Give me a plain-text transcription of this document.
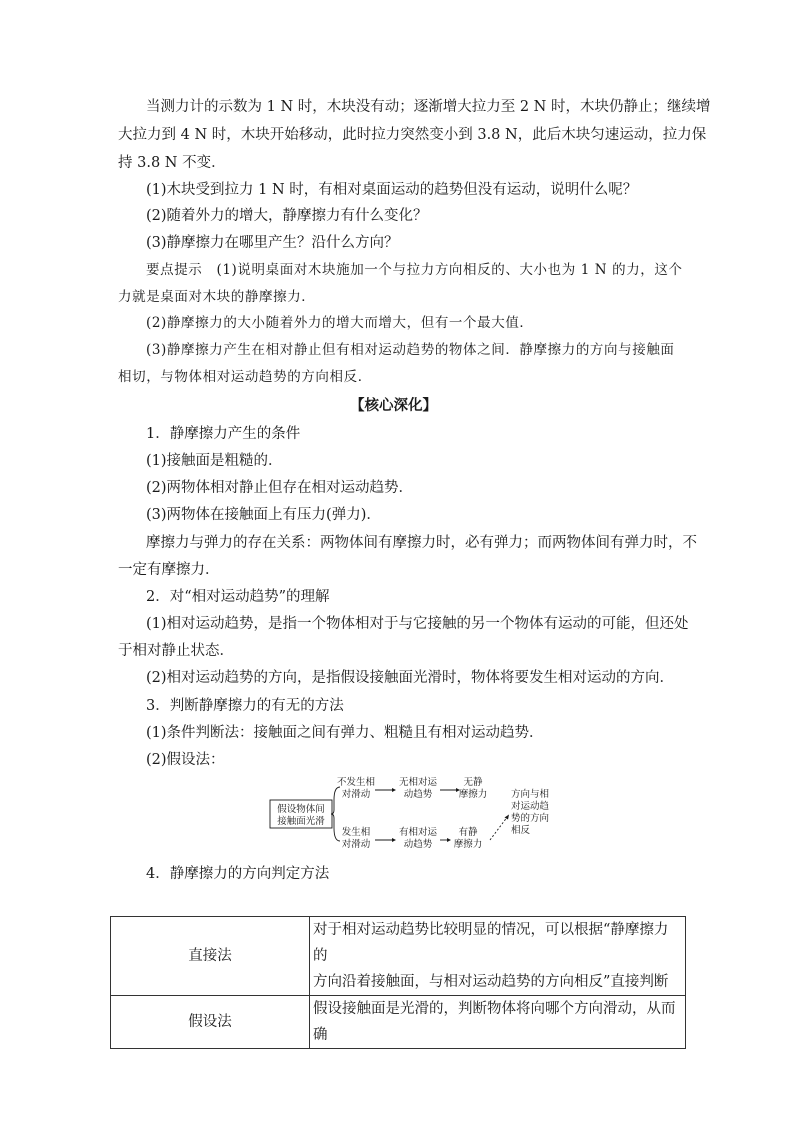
当测力计的示数为 1 N 时，木块没有动；逐渐增大拉力至 2 N 时，木块仍静止；继续增
大拉力到 4 N 时，木块开始移动，此时拉力突然变小到 3.8 N，此后木块匀速运动，拉力保
持 3.8 N 不变．
(1)木块受到拉力 1 N 时，有相对桌面运动的趋势但没有运动，说明什么呢？
(2)随着外力的增大，静摩擦力有什么变化？
(3)静摩擦力在哪里产生？沿什么方向？
要点提示　(1)说明桌面对木块施加一个与拉力方向相反的、大小也为 1 N 的力，这个
力就是桌面对木块的静摩擦力．
(2)静摩擦力的大小随着外力的增大而增大，但有一个最大值．
(3)静摩擦力产生在相对静止但有相对运动趋势的物体之间．静摩擦力的方向与接触面
相切，与物体相对运动趋势的方向相反．
【核心深化】
1．静摩擦力产生的条件
(1)接触面是粗糙的．
(2)两物体相对静止但存在相对运动趋势．
(3)两物体在接触面上有压力(弹力)．
摩擦力与弹力的存在关系：两物体间有摩擦力时，必有弹力；而两物体间有弹力时，不
一定有摩擦力．
2．对“相对运动趋势”的理解
(1)相对运动趋势，是指一个物体相对于与它接触的另一个物体有运动的可能，但还处
于相对静止状态．
(2)相对运动趋势的方向，是指假设接触面光滑时，物体将要发生相对运动的方向．
3．判断静摩擦力的有无的方法
(1)条件判断法：接触面之间有弹力、粗糙且有相对运动趋势．
(2)假设法：
假设物体间
接触面光滑
不发生相
对滑动
无相对运
动趋势
无静
摩擦力
发生相
对滑动
有相对运
动趋势
有静
摩擦力
方向与相
对运动趋
势的方向
相反
4．静摩擦力的方向判定方法
直接法	对于相对运动趋势比较明显的情况，可以根据“静摩擦力的
方向沿着接触面，与相对运动趋势的方向相反”直接判断

假设法	假设接触面是光滑的，判断物体将向哪个方向滑动，从而确
